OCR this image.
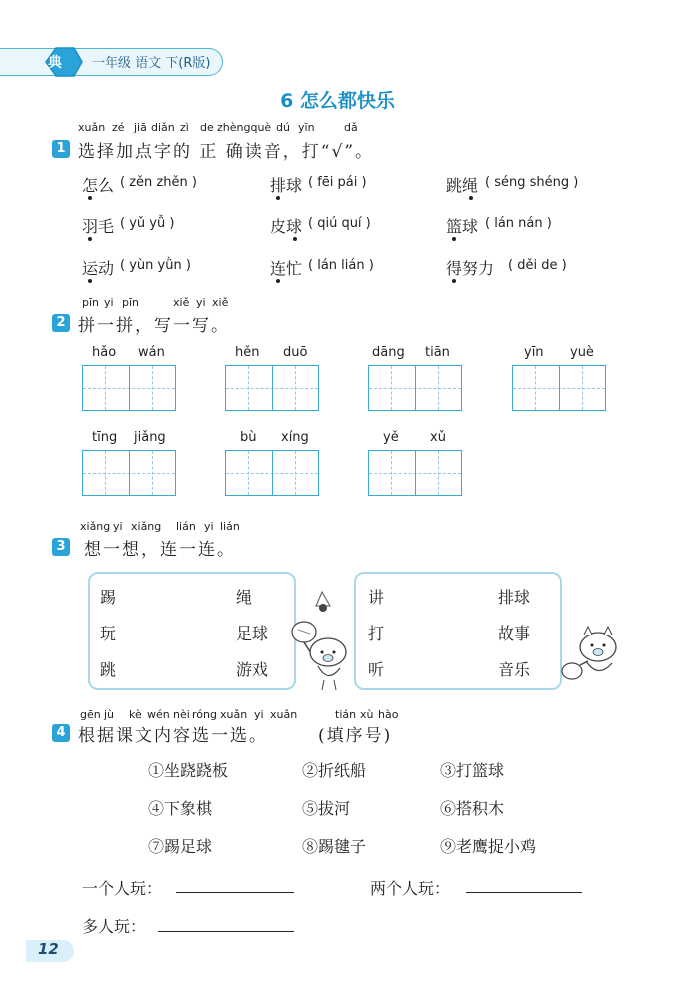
典 一年级 语文 下(R版)
6 怎么都快乐
xuǎn zé jiā diǎn zì de zhèngquè dú yīn	dǎ
1 选择加点字的 正 确读音，打“√”。
怎么 ( zěn zhěn )	排球 ( fēi pái )	跳绳 ( séng shéng )
羽毛 ( yǔ yǚ )	皮球 ( qiú quí )	篮球 ( lán nán )
运动 ( yùn yǜn )	连忙 ( lán lián )	得努力 ( děi de )
pīn yi pīn	xiě yi xiě
2 拼一拼，写一写。
hǎo wán	hěn duō	dāng tiān	yīn yuè
tīng jiǎng	bù xíng	yě xǔ
xiǎng yi xiǎng lián yi lián
3 想一想，连一连。
踢
玩
跳
绳
足球
游戏
讲
打
听
排球
故事
音乐
gēn jù kè wén nèi róng xuǎn yi xuǎn	tián xù hào
4 根据课文内容选一选。	(填序号)
①坐跷跷板	②折纸船	③打篮球
④下象棋	⑤拔河	⑥搭积木
⑦踢足球	⑧踢毽子	⑨老鹰捉小鸡
一个人玩：	两个人玩：
多人玩：
12
